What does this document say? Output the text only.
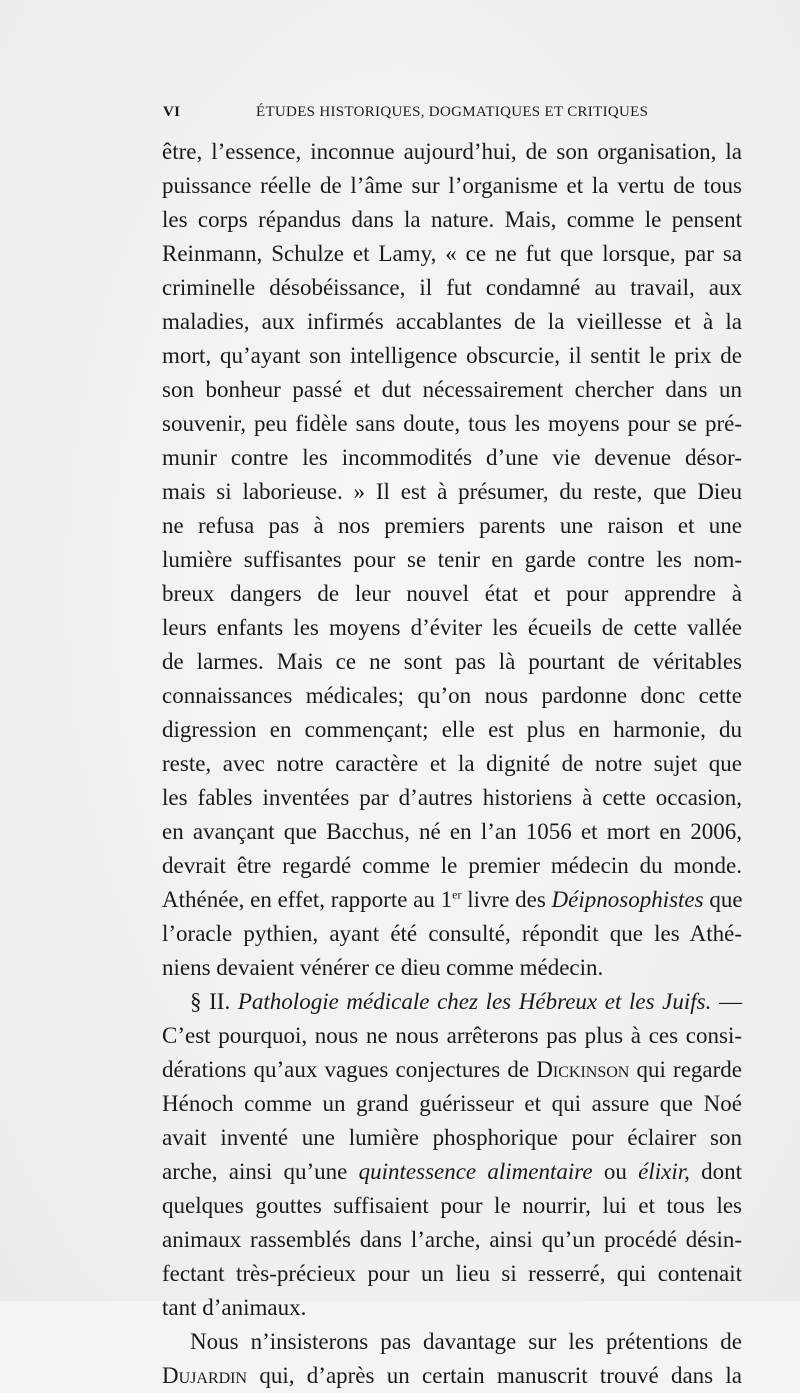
VI	ÉTUDES HISTORIQUES, DOGMATIQUES ET CRITIQUES
être, l’essence, inconnue aujourd’hui, de son organisation, la
puissance réelle de l’âme sur l’organisme et la vertu de tous
les corps répandus dans la nature. Mais, comme le pensent
Reinmann, Schulze et Lamy, « ce ne fut que lorsque, par sa
criminelle désobéissance, il fut condamné au travail, aux
maladies, aux infirmés accablantes de la vieillesse et à la
mort, qu’ayant son intelligence obscurcie, il sentit le prix de
son bonheur passé et dut nécessairement chercher dans un
souvenir, peu fidèle sans doute, tous les moyens pour se pré-
munir contre les incommodités d’une vie devenue désor-
mais si laborieuse. » Il est à présumer, du reste, que Dieu
ne refusa pas à nos premiers parents une raison et une
lumière suffisantes pour se tenir en garde contre les nom-
breux dangers de leur nouvel état et pour apprendre à
leurs enfants les moyens d’éviter les écueils de cette vallée
de larmes. Mais ce ne sont pas là pourtant de véritables
connaissances médicales; qu’on nous pardonne donc cette
digression en commençant; elle est plus en harmonie, du
reste, avec notre caractère et la dignité de notre sujet que
les fables inventées par d’autres historiens à cette occasion,
en avançant que Bacchus, né en l’an 1056 et mort en 2006,
devrait être regardé comme le premier médecin du monde.
Athénée, en effet, rapporte au 1er livre des Déipnosophistes que
l’oracle pythien, ayant été consulté, répondit que les Athé-
niens devaient vénérer ce dieu comme médecin.
§ II. Pathologie médicale chez les Hébreux et les Juifs. —
C’est pourquoi, nous ne nous arrêterons pas plus à ces consi-
dérations qu’aux vagues conjectures de Dickinson qui regarde
Hénoch comme un grand guérisseur et qui assure que Noé
avait inventé une lumière phosphorique pour éclairer son
arche, ainsi qu’une quintessence alimentaire ou élixir, dont
quelques gouttes suffisaient pour le nourrir, lui et tous les
animaux rassemblés dans l’arche, ainsi qu’un procédé désin-
fectant très-précieux pour un lieu si resserré, qui contenait
tant d’animaux.
Nous n’insisterons pas davantage sur les prétentions de
Dujardin qui, d’après un certain manuscrit trouvé dans la
